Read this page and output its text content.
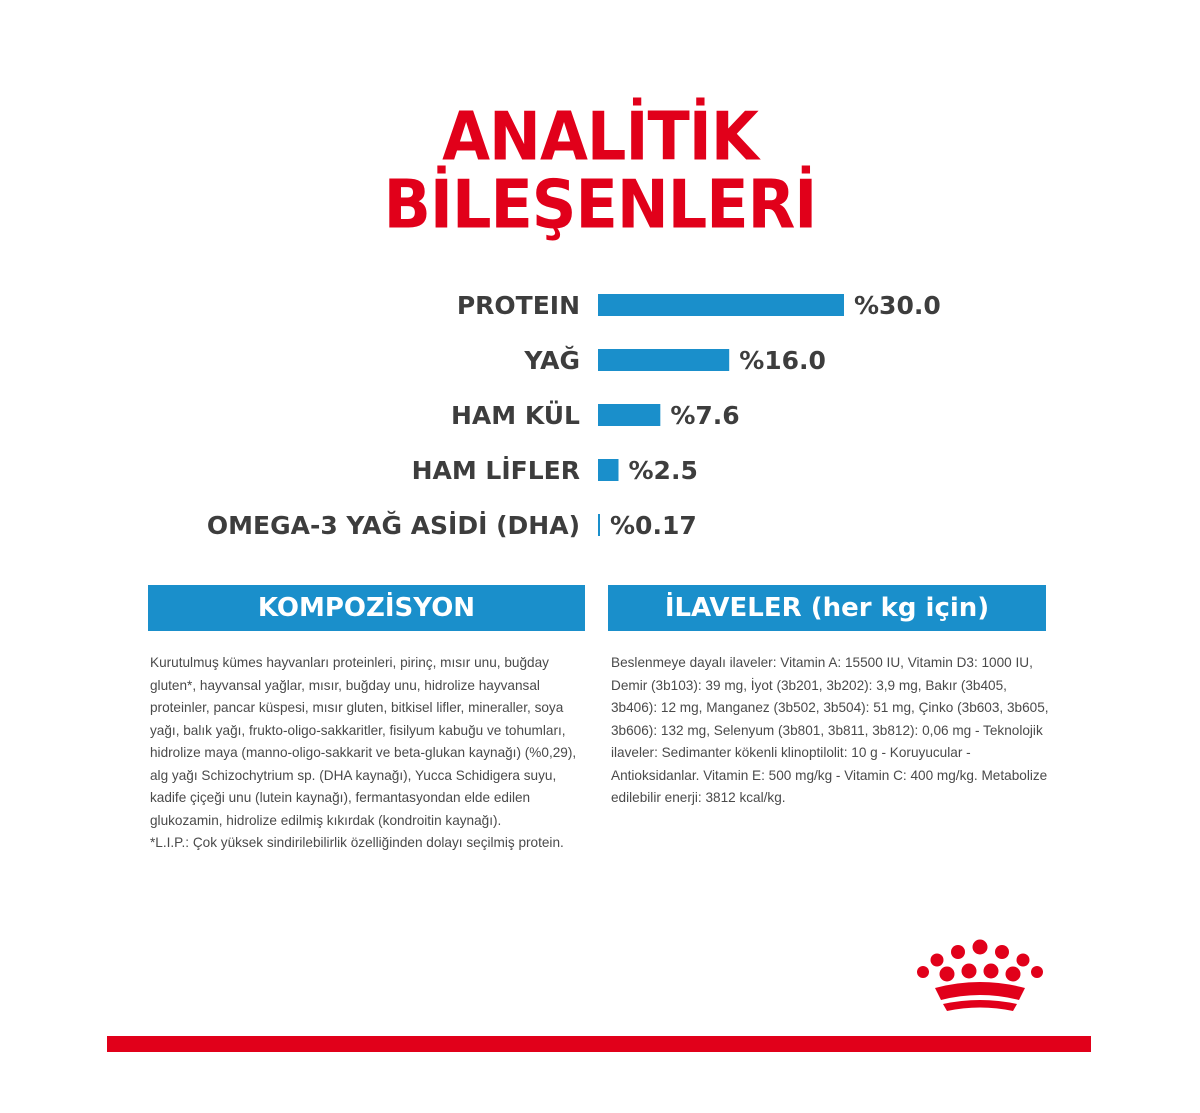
ANALİTİK
BİLEŞENLERİ
PROTEIN	%30.0
YAĞ	%16.0
HAM KÜL	%7.6
HAM LİFLER %2.5
OMEGA-3 YAĞ ASİDİ (DHA) %0.17
KOMPOZİSYON	İLAVELER (her kg için)

Kurutulmuş kümes hayvanları proteinleri, pirinç, mısır unu, buğday gluten*, hayvansal yağlar, mısır, buğday unu, hidrolize hayvansal proteinler, pancar küspesi, mısır gluten, bitkisel lifler, mineraller, soya yağı, balık yağı, frukto-oligo-sakkaritler, fisilyum kabuğu ve tohumları, hidrolize maya (manno-oligo-sakkarit ve beta-glukan kaynağı) (%0,29), alg yağı Schizochytrium sp. (DHA kaynağı), Yucca Schidigera suyu, kadife çiçeği unu (lutein kaynağı), fermantasyondan elde edilen glukozamin, hidrolize edilmiş kıkırdak (kondroitin kaynağı).

*L.I.P.: Çok yüksek sindirilebilirlik özelliğinden dolayı seçilmiş protein.

Beslenmeye dayalı ilaveler: Vitamin A: 15500 IU, Vitamin D3: 1000 IU, Demir (3b103): 39 mg, İyot (3b201, 3b202): 3,9 mg, Bakır (3b405, 3b406): 12 mg, Manganez (3b502, 3b504): 51 mg, Çinko (3b603, 3b605, 3b606): 132 mg, Selenyum (3b801, 3b811, 3b812): 0,06 mg - Teknolojik ilaveler: Sedimanter kökenli klinoptilolit: 10 g - Koruyucular - Antioksidanlar. Vitamin E: 500 mg/kg - Vitamin C: 400 mg/kg. Metabolize edilebilir enerji: 3812 kcal/kg.
